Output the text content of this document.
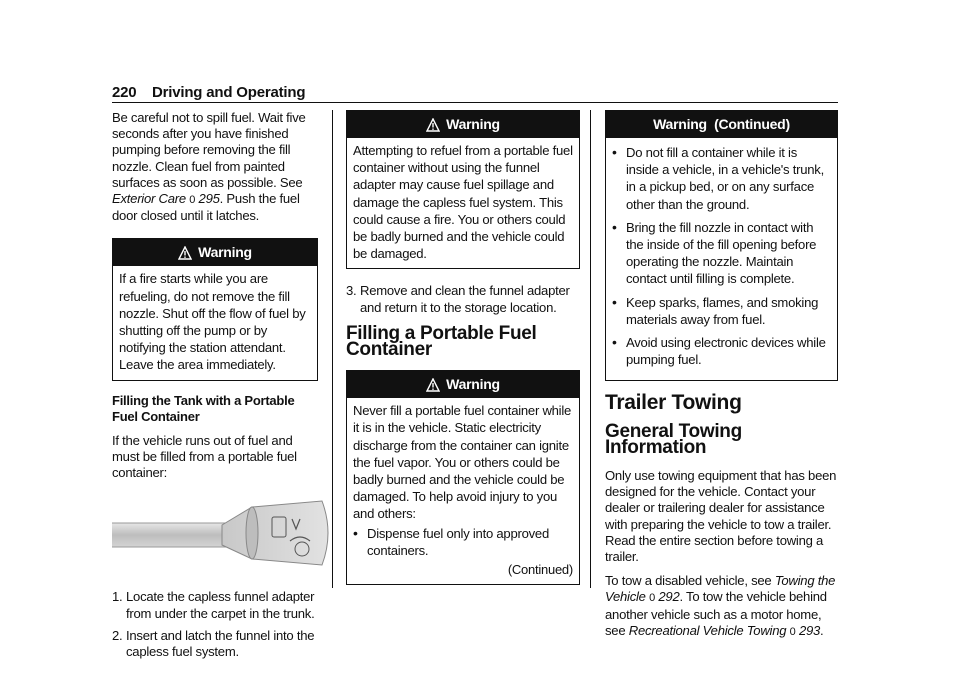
220 Driving and Operating

Be careful not to spill fuel. Wait five seconds after you have finished pumping before removing the fill nozzle. Clean fuel from painted surfaces as soon as possible. See Exterior Care 0 295. Push the fuel door closed until it latches.

Warning
If a fire starts while you are refueling, do not remove the fill nozzle. Shut off the flow of fuel by shutting off the pump or by notifying the station attendant. Leave the area immediately.
Filling the Tank with a Portable Fuel Container

If the vehicle runs out of fuel and must be filled from a portable fuel container:

1. Locate the capless funnel adapter from under the carpet in the trunk.
2. Insert and latch the funnel into the capless fuel system.
Warning
Attempting to refuel from a portable fuel container without using the funnel adapter may cause fuel spillage and damage the capless fuel system. This could cause a fire. You or others could be badly burned and the vehicle could be damaged.
3. Remove and clean the funnel adapter and return it to the storage location.
Filling a Portable Fuel Container
Warning
Never fill a portable fuel container while it is in the vehicle. Static electricity discharge from the container can ignite the fuel vapor. You or others could be badly burned and the vehicle could be damaged. To help avoid injury to you and others:
• Dispense fuel only into approved containers.
(Continued)
Warning  (Continued)
• Do not fill a container while it is inside a vehicle, in a vehicle's trunk, in a pickup bed, or on any surface other than the ground.
• Bring the fill nozzle in contact with the inside of the fill opening before operating the nozzle. Maintain contact until filling is complete.
• Keep sparks, flames, and smoking materials away from fuel.
• Avoid using electronic devices while pumping fuel.
Trailer Towing
General Towing Information

Only use towing equipment that has been designed for the vehicle. Contact your dealer or trailering dealer for assistance with preparing the vehicle to tow a trailer. Read the entire section before towing a trailer.

To tow a disabled vehicle, see Towing the Vehicle 0 292. To tow the vehicle behind another vehicle such as a motor home, see Recreational Vehicle Towing 0 293.
